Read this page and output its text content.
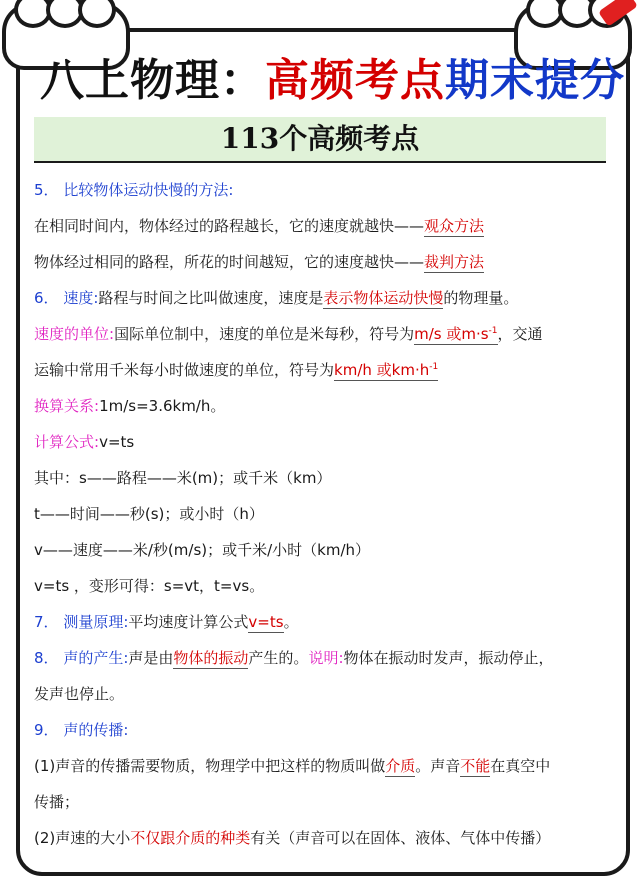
八上物理：高频考点期末提分
113个高频考点
5． 比较物体运动快慢的方法:
在相同时间内，物体经过的路程越长，它的速度就越快——观众方法
物体经过相同的路程，所花的时间越短，它的速度越快——裁判方法
6． 速度:路程与时间之比叫做速度，速度是表示物体运动快慢的物理量。
速度的单位:国际单位制中，速度的单位是米每秒，符号为m/s 或$m\cdot s^{-1}$，交通
运输中常用千米每小时做速度的单位，符号为km/h 或$km\cdot h^{-1}$
换算关系:1m/s=3.6km/h。
计算公式:v=ts
其中：s——路程——米(m)；或千米（km）
t——时间——秒(s)；或小时（h）
v——速度——米/秒(m/s)；或千米/小时（km/h）
v=ts ，变形可得：s=vt，t=vs。
7． 测量原理:平均速度计算公式v=ts。
8． 声的产生:声是由物体的振动产生的。说明:物体在振动时发声，振动停止，
发声也停止。
9． 声的传播:
(1)声音的传播需要物质，物理学中把这样的物质叫做介质。声音不能在真空中
传播；
(2)声速的大小不仅跟介质的种类有关（声音可以在固体、液体、气体中传播）
